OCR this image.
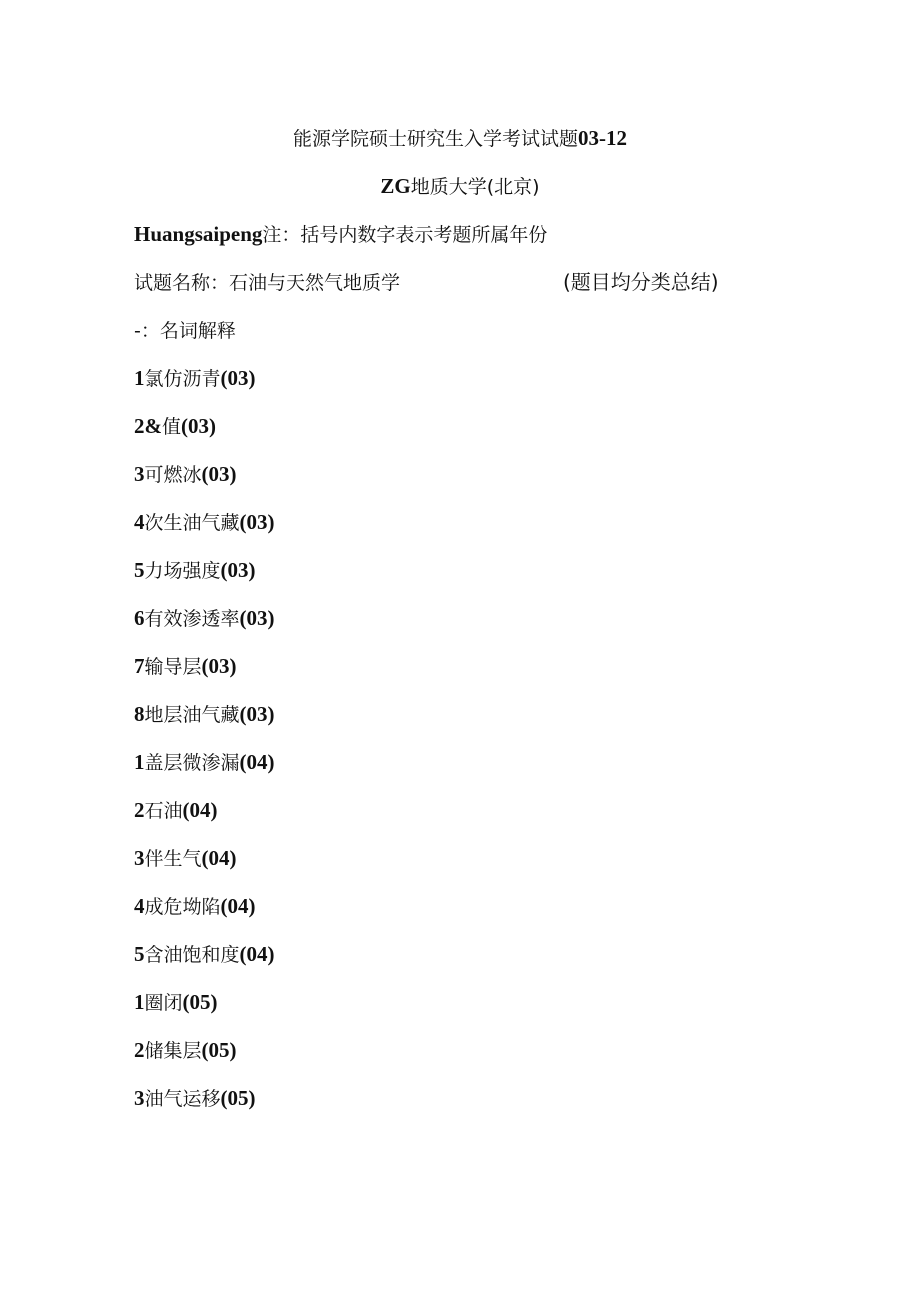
能源学院硕士研究生入学考试试题03-12
ZG地质大学(北京)
Huangsaipeng注：括号内数字表示考题所属年份
试题名称：石油与天然气地质学	(题目均分类总结)
-：名词解释
1氯仿沥青(03)
2&值(03)
3可燃冰(03)
4次生油气藏(03)
5力场强度(03)
6有效渗透率(03)
7输导层(03)
8地层油气藏(03)
1盖层微渗漏(04)
2石油(04)
3伴生气(04)
4成危坳陷(04)
5含油饱和度(04)
1圈闭(05)
2储集层(05)
3油气运移(05)
